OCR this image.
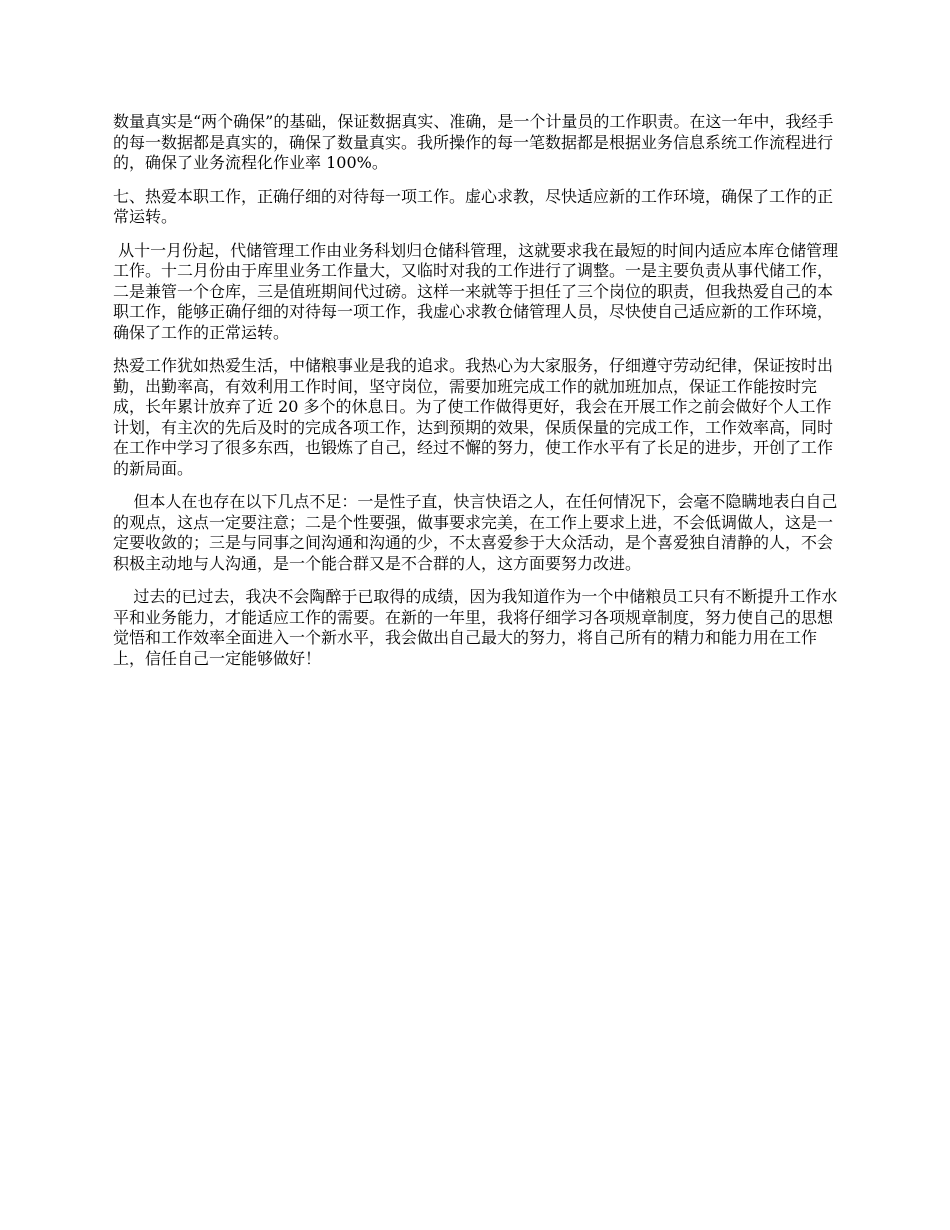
数量真实是“两个确保”的基础，保证数据真实、准确，是一个计量员的工作职责。在这一年中，我经手的每一数据都是真实的，确保了数量真实。我所操作的每一笔数据都是根据业务信息系统工作流程进行的，确保了业务流程化作业率 100%。

七、热爱本职工作，正确仔细的对待每一项工作。虚心求教，尽快适应新的工作环境，确保了工作的正常运转。

从十一月份起，代储管理工作由业务科划归仓储科管理，这就要求我在最短的时间内适应本库仓储管理工作。十二月份由于库里业务工作量大，又临时对我的工作进行了调整。一是主要负责从事代储工作，二是兼管一个仓库，三是值班期间代过磅。这样一来就等于担任了三个岗位的职责，但我热爱自己的本职工作，能够正确仔细的对待每一项工作，我虚心求教仓储管理人员，尽快使自己适应新的工作环境，确保了工作的正常运转。

热爱工作犹如热爱生活，中储粮事业是我的追求。我热心为大家服务，仔细遵守劳动纪律，保证按时出勤，出勤率高，有效利用工作时间，坚守岗位，需要加班完成工作的就加班加点，保证工作能按时完成，长年累计放弃了近 20 多个的休息日。为了使工作做得更好，我会在开展工作之前会做好个人工作计划，有主次的先后及时的完成各项工作，达到预期的效果，保质保量的完成工作，工作效率高，同时在工作中学习了很多东西，也锻炼了自己，经过不懈的努力，使工作水平有了长足的进步，开创了工作的新局面。

但本人在也存在以下几点不足：一是性子直，快言快语之人，在任何情况下，会毫不隐瞒地表白自己的观点，这点一定要注意；二是个性要强，做事要求完美，在工作上要求上进，不会低调做人，这是一定要收敛的；三是与同事之间沟通和沟通的少，不太喜爱参于大众活动，是个喜爱独自清静的人，不会积极主动地与人沟通，是一个能合群又是不合群的人，这方面要努力改进。

过去的已过去，我决不会陶醉于已取得的成绩，因为我知道作为一个中储粮员工只有不断提升工作水平和业务能力，才能适应工作的需要。在新的一年里，我将仔细学习各项规章制度，努力使自己的思想觉悟和工作效率全面进入一个新水平，我会做出自己最大的努力，将自己所有的精力和能力用在工作上，信任自己一定能够做好！
